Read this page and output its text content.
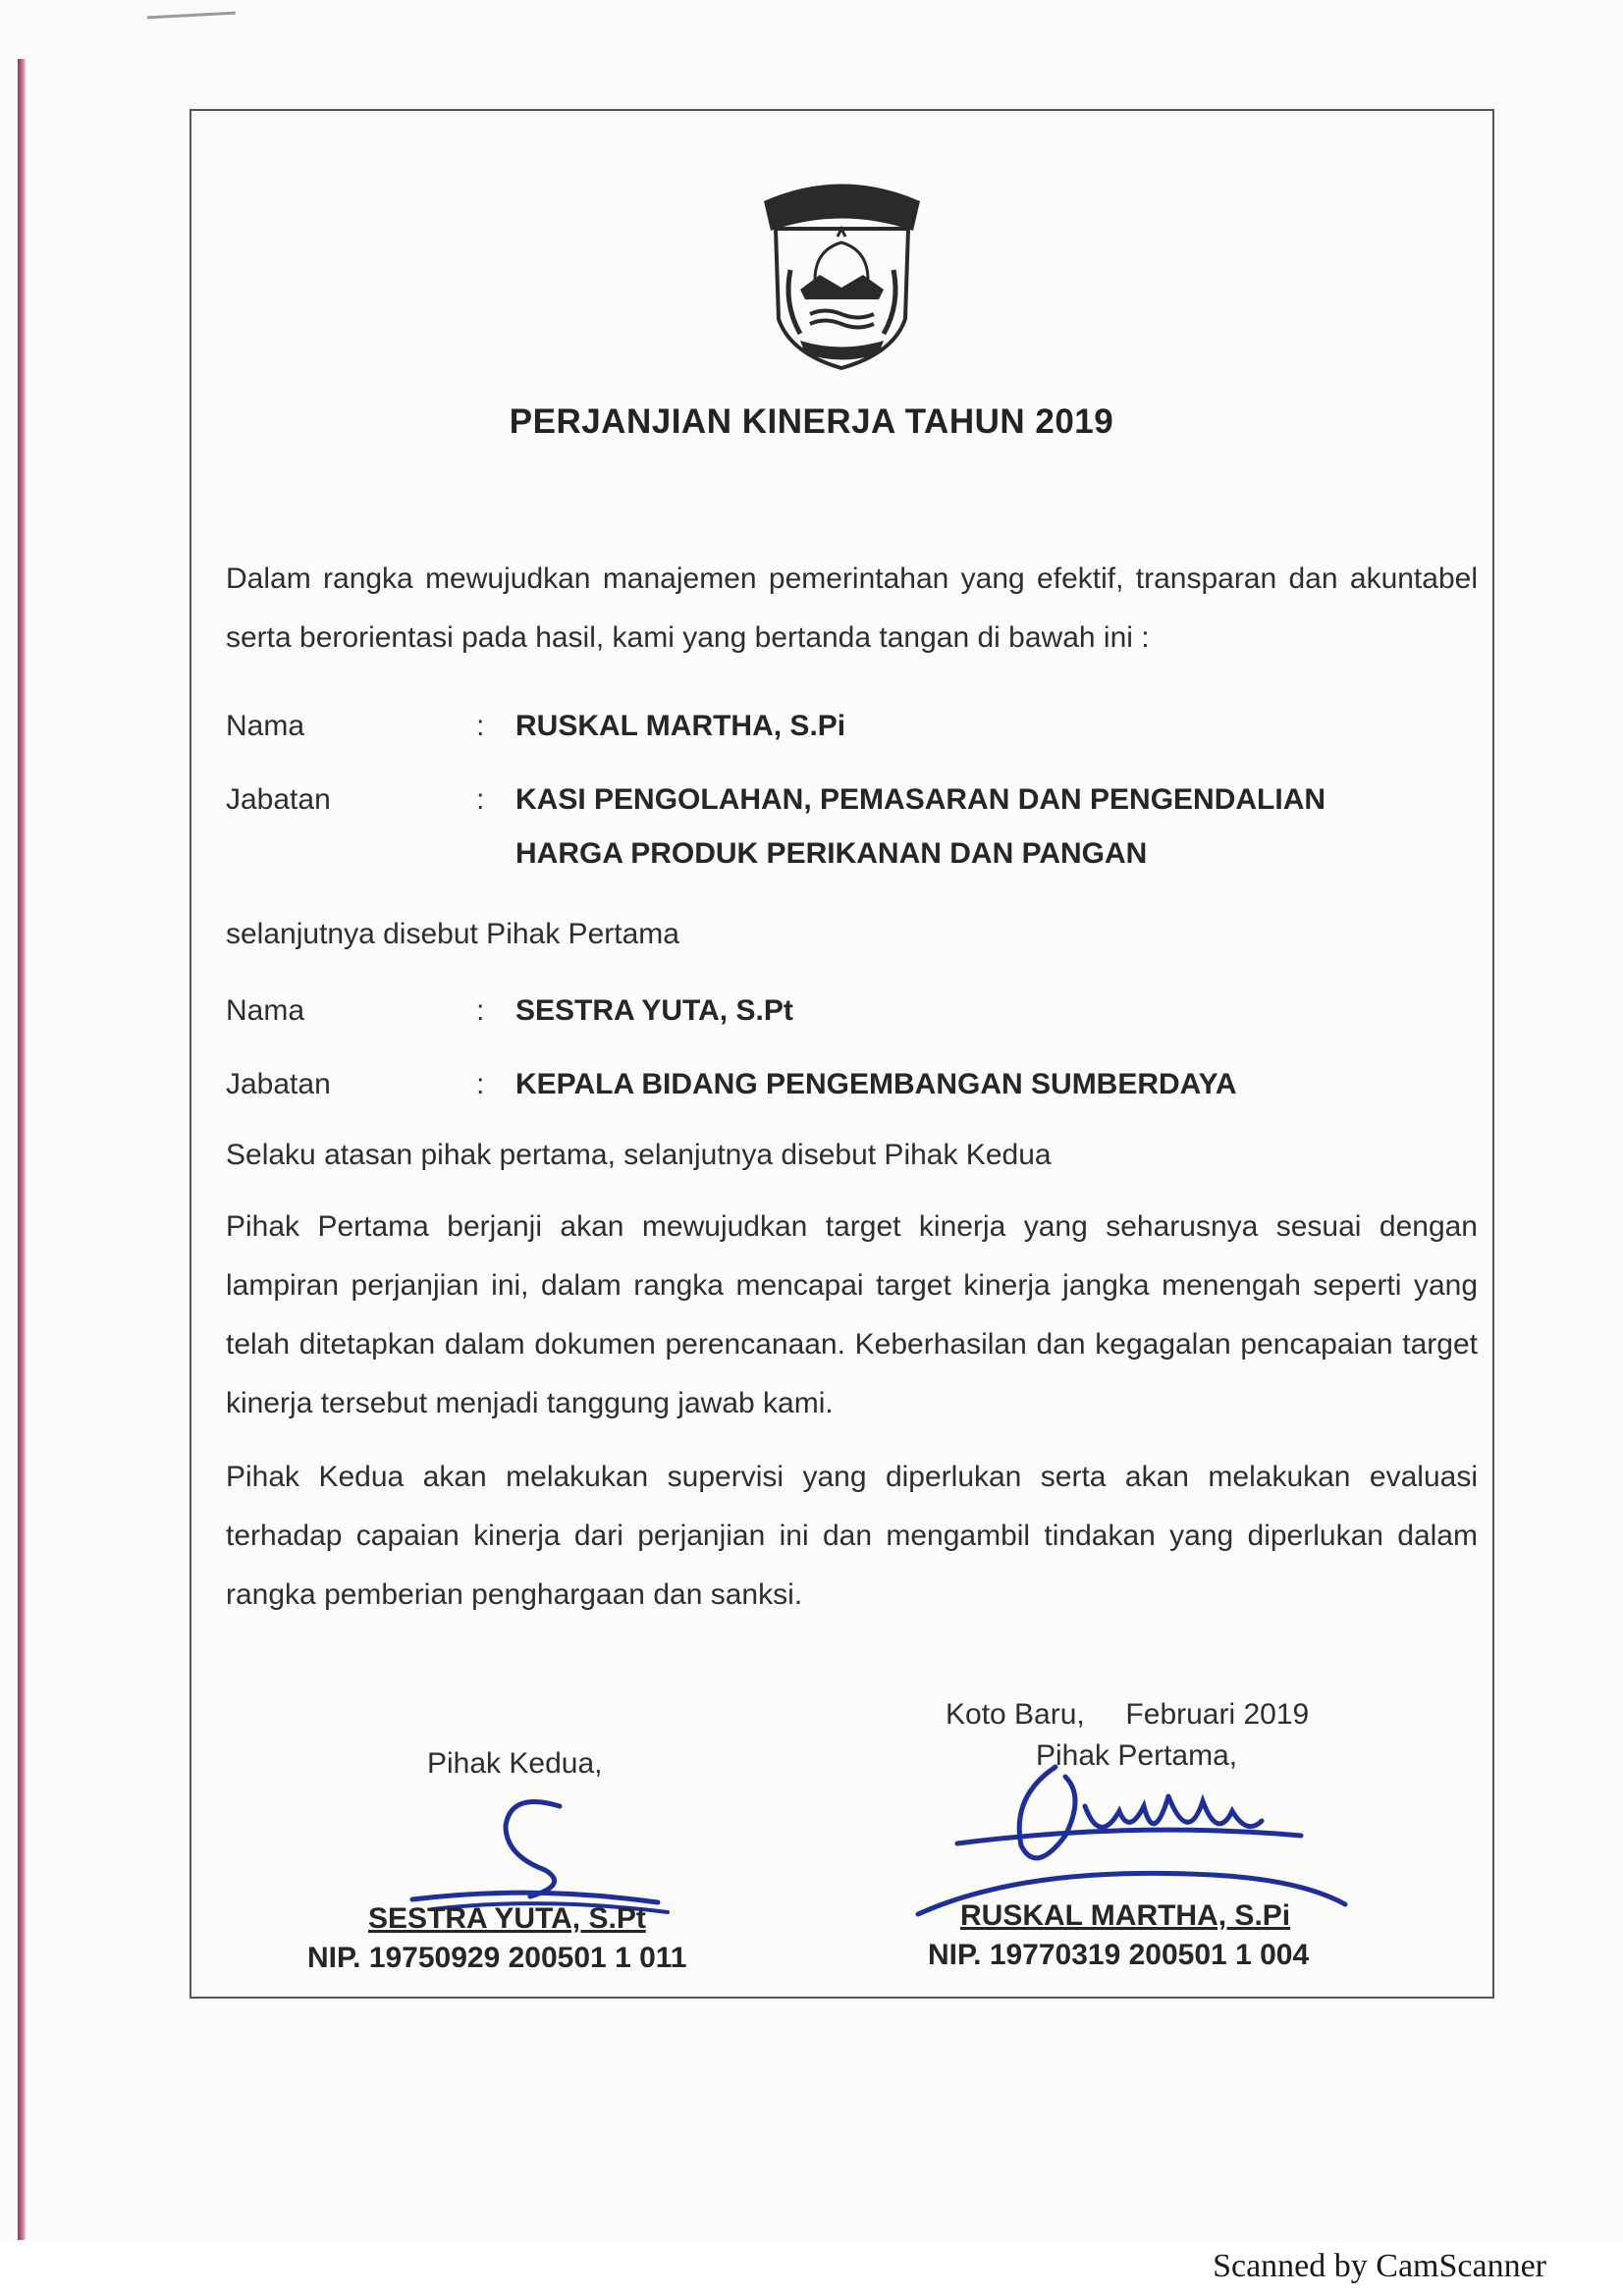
PERJANJIAN KINERJA TAHUN 2019
Dalam rangka mewujudkan manajemen pemerintahan yang efektif, transparan dan akuntabel serta berorientasi pada hasil, kami yang bertanda tangan di bawah ini :
Nama	: RUSKAL MARTHA, S.Pi
Jabatan	: KASI PENGOLAHAN, PEMASARAN DAN PENGENDALIAN
HARGA PRODUK PERIKANAN DAN PANGAN
selanjutnya disebut Pihak Pertama
Nama	: SESTRA YUTA, S.Pt
Jabatan	: KEPALA BIDANG PENGEMBANGAN SUMBERDAYA
Selaku atasan pihak pertama, selanjutnya disebut Pihak Kedua
Pihak Pertama berjanji akan mewujudkan target kinerja yang seharusnya sesuai dengan lampiran perjanjian ini, dalam rangka mencapai target kinerja jangka menengah seperti yang telah ditetapkan dalam dokumen perencanaan. Keberhasilan dan kegagalan pencapaian target kinerja tersebut menjadi tanggung jawab kami.
Pihak Kedua akan melakukan supervisi yang diperlukan serta akan melakukan evaluasi terhadap capaian kinerja dari perjanjian ini dan mengambil tindakan yang diperlukan dalam rangka pemberian penghargaan dan sanksi.
Koto Baru,     Februari 2019
Pihak Kedua,	Pihak Pertama,
SESTRA YUTA, S.Pt
NIP. 19750929 200501 1 011
RUSKAL MARTHA, S.Pi
NIP. 19770319 200501 1 004
Scanned by CamScanner
